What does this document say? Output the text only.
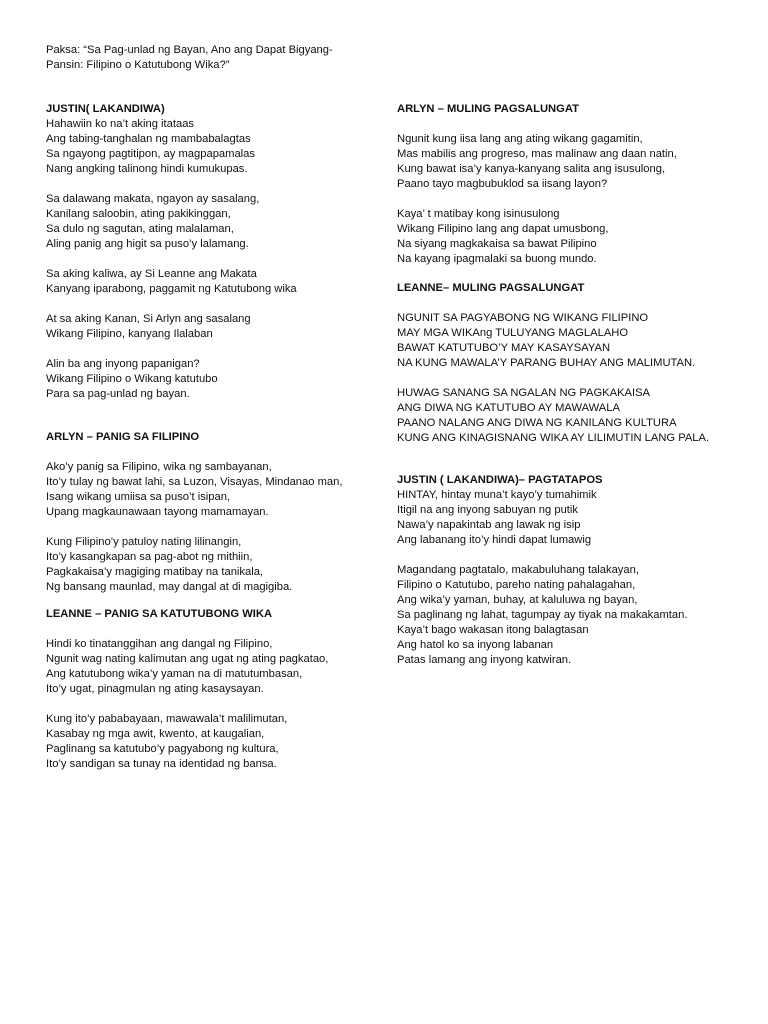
Paksa: “Sa Pag-unlad ng Bayan, Ano ang Dapat Bigyang-
Pansin: Filipino o Katutubong Wika?”
JUSTIN( LAKANDIWA)
Hahawiin ko na’t aking itataas
Ang tabing-tanghalan ng mambabalagtas
Sa ngayong pagtitipon, ay magpapamalas
Nang angking talinong hindi kumukupas.
Sa dalawang makata, ngayon ay sasalang,
Kanilang saloobin, ating pakikinggan,
Sa dulo ng sagutan, ating malalaman,
Aling panig ang higit sa puso’y lalamang.
Sa aking kaliwa, ay Si Leanne ang Makata
Kanyang iparabong, paggamit ng Katutubong wika
At sa aking Kanan, Si Arlyn ang sasalang
Wikang Filipino, kanyang Ilalaban
Alin ba ang inyong papanigan?
Wikang Filipino o Wikang katutubo
Para sa pag-unlad ng bayan.
ARLYN – PANIG SA FILIPINO
Ako’y panig sa Filipino, wika ng sambayanan,
Ito’y tulay ng bawat lahi, sa Luzon, Visayas, Mindanao man,
Isang wikang umiisa sa puso’t isipan,
Upang magkaunawaan tayong mamamayan.
Kung Filipino’y patuloy nating lilinangin,
Ito’y kasangkapan sa pag-abot ng mithiin,
Pagkakaisa’y magiging matibay na tanikala,
Ng bansang maunlad, may dangal at di magigiba.
LEANNE – PANIG SA KATUTUBONG WIKA
Hindi ko tinatanggihan ang dangal ng Filipino,
Ngunit wag nating kalimutan ang ugat ng ating pagkatao,
Ang katutubong wika’y yaman na di matutumbasan,
Ito’y ugat, pinagmulan ng ating kasaysayan.
Kung ito’y pababayaan, mawawala’t malilimutan,
Kasabay ng mga awit, kwento, at kaugalian,
Paglinang sa katutubo’y pagyabong ng kultura,
Ito’y sandigan sa tunay na identidad ng bansa.
ARLYN – MULING PAGSALUNGAT
Ngunit kung iisa lang ang ating wikang gagamitin,
Mas mabilis ang progreso, mas malinaw ang daan natin,
Kung bawat isa’y kanya-kanyang salita ang isusulong,
Paano tayo magbubuklod sa iisang layon?
Kaya’ t matibay kong isinusulong
Wikang Filipino lang ang dapat umusbong,
Na siyang magkakaisa sa bawat Pilipino
Na kayang ipagmalaki sa buong mundo.
LEANNE– MULING PAGSALUNGAT
NGUNIT SA PAGYABONG NG WIKANG FILIPINO
MAY MGA WIKAng TULUYANG MAGLALAHO
BAWAT KATUTUBO’Y MAY KASAYSAYAN
NA KUNG MAWALA’Y PARANG BUHAY ANG MALIMUTAN.
HUWAG SANANG SA NGALAN NG PAGKAKAISA
ANG DIWA NG KATUTUBO AY MAWAWALA
PAANO NALANG ANG DIWA NG KANILANG KULTURA
KUNG ANG KINAGISNANG WIKA AY LILIMUTIN LANG PALA.
JUSTIN ( LAKANDIWA)– PAGTATAPOS
HINTAY, hintay muna’t kayo’y tumahimik
Itigil na ang inyong sabuyan ng putik
Nawa’y napakintab ang lawak ng isip
Ang labanang ito’y hindi dapat lumawig
Magandang pagtatalo, makabuluhang talakayan,
Filipino o Katutubo, pareho nating pahalagahan,
Ang wika’y yaman, buhay, at kaluluwa ng bayan,
Sa paglinang ng lahat, tagumpay ay tiyak na makakamtan.
Kaya’t bago wakasan itong balagtasan
Ang hatol ko sa inyong labanan
Patas lamang ang inyong katwiran.
